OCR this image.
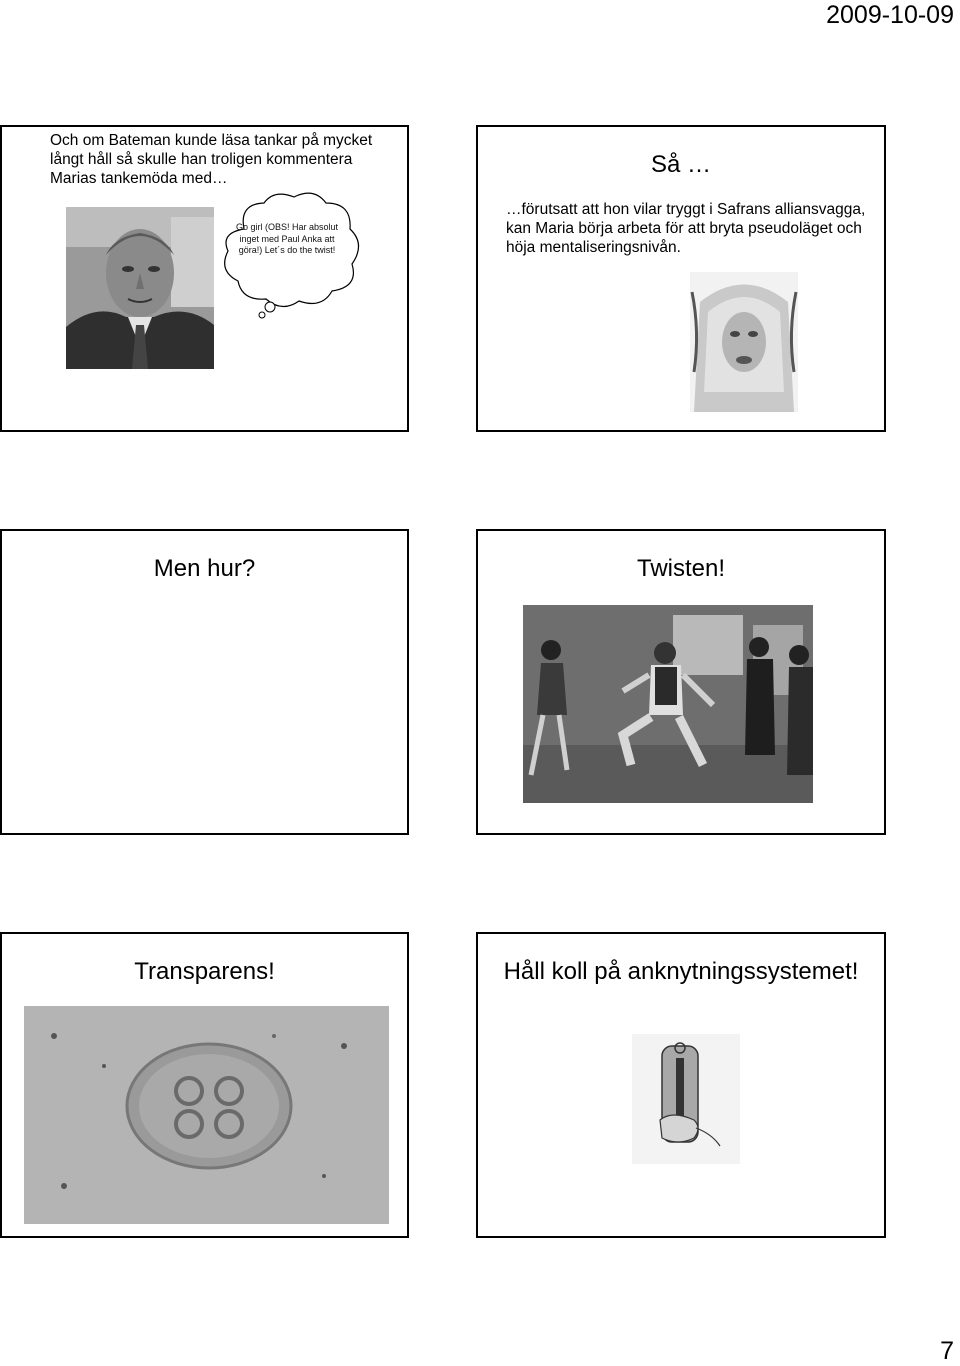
2009-10-09
Och om Bateman kunde läsa tankar på mycket långt håll så skulle han troligen kommentera Marias tankemöda med…
Go girl (OBS! Har absolut inget med Paul Anka att göra!) Let´s do the twist!
Så …
…förutsatt att hon vilar tryggt i Safrans alliansvagga, kan Maria börja arbeta för att bryta pseudoläget och höja mentaliseringsnivån.
Men hur?	Twisten!
Transparens!	Håll koll på anknytningssystemet!
7
